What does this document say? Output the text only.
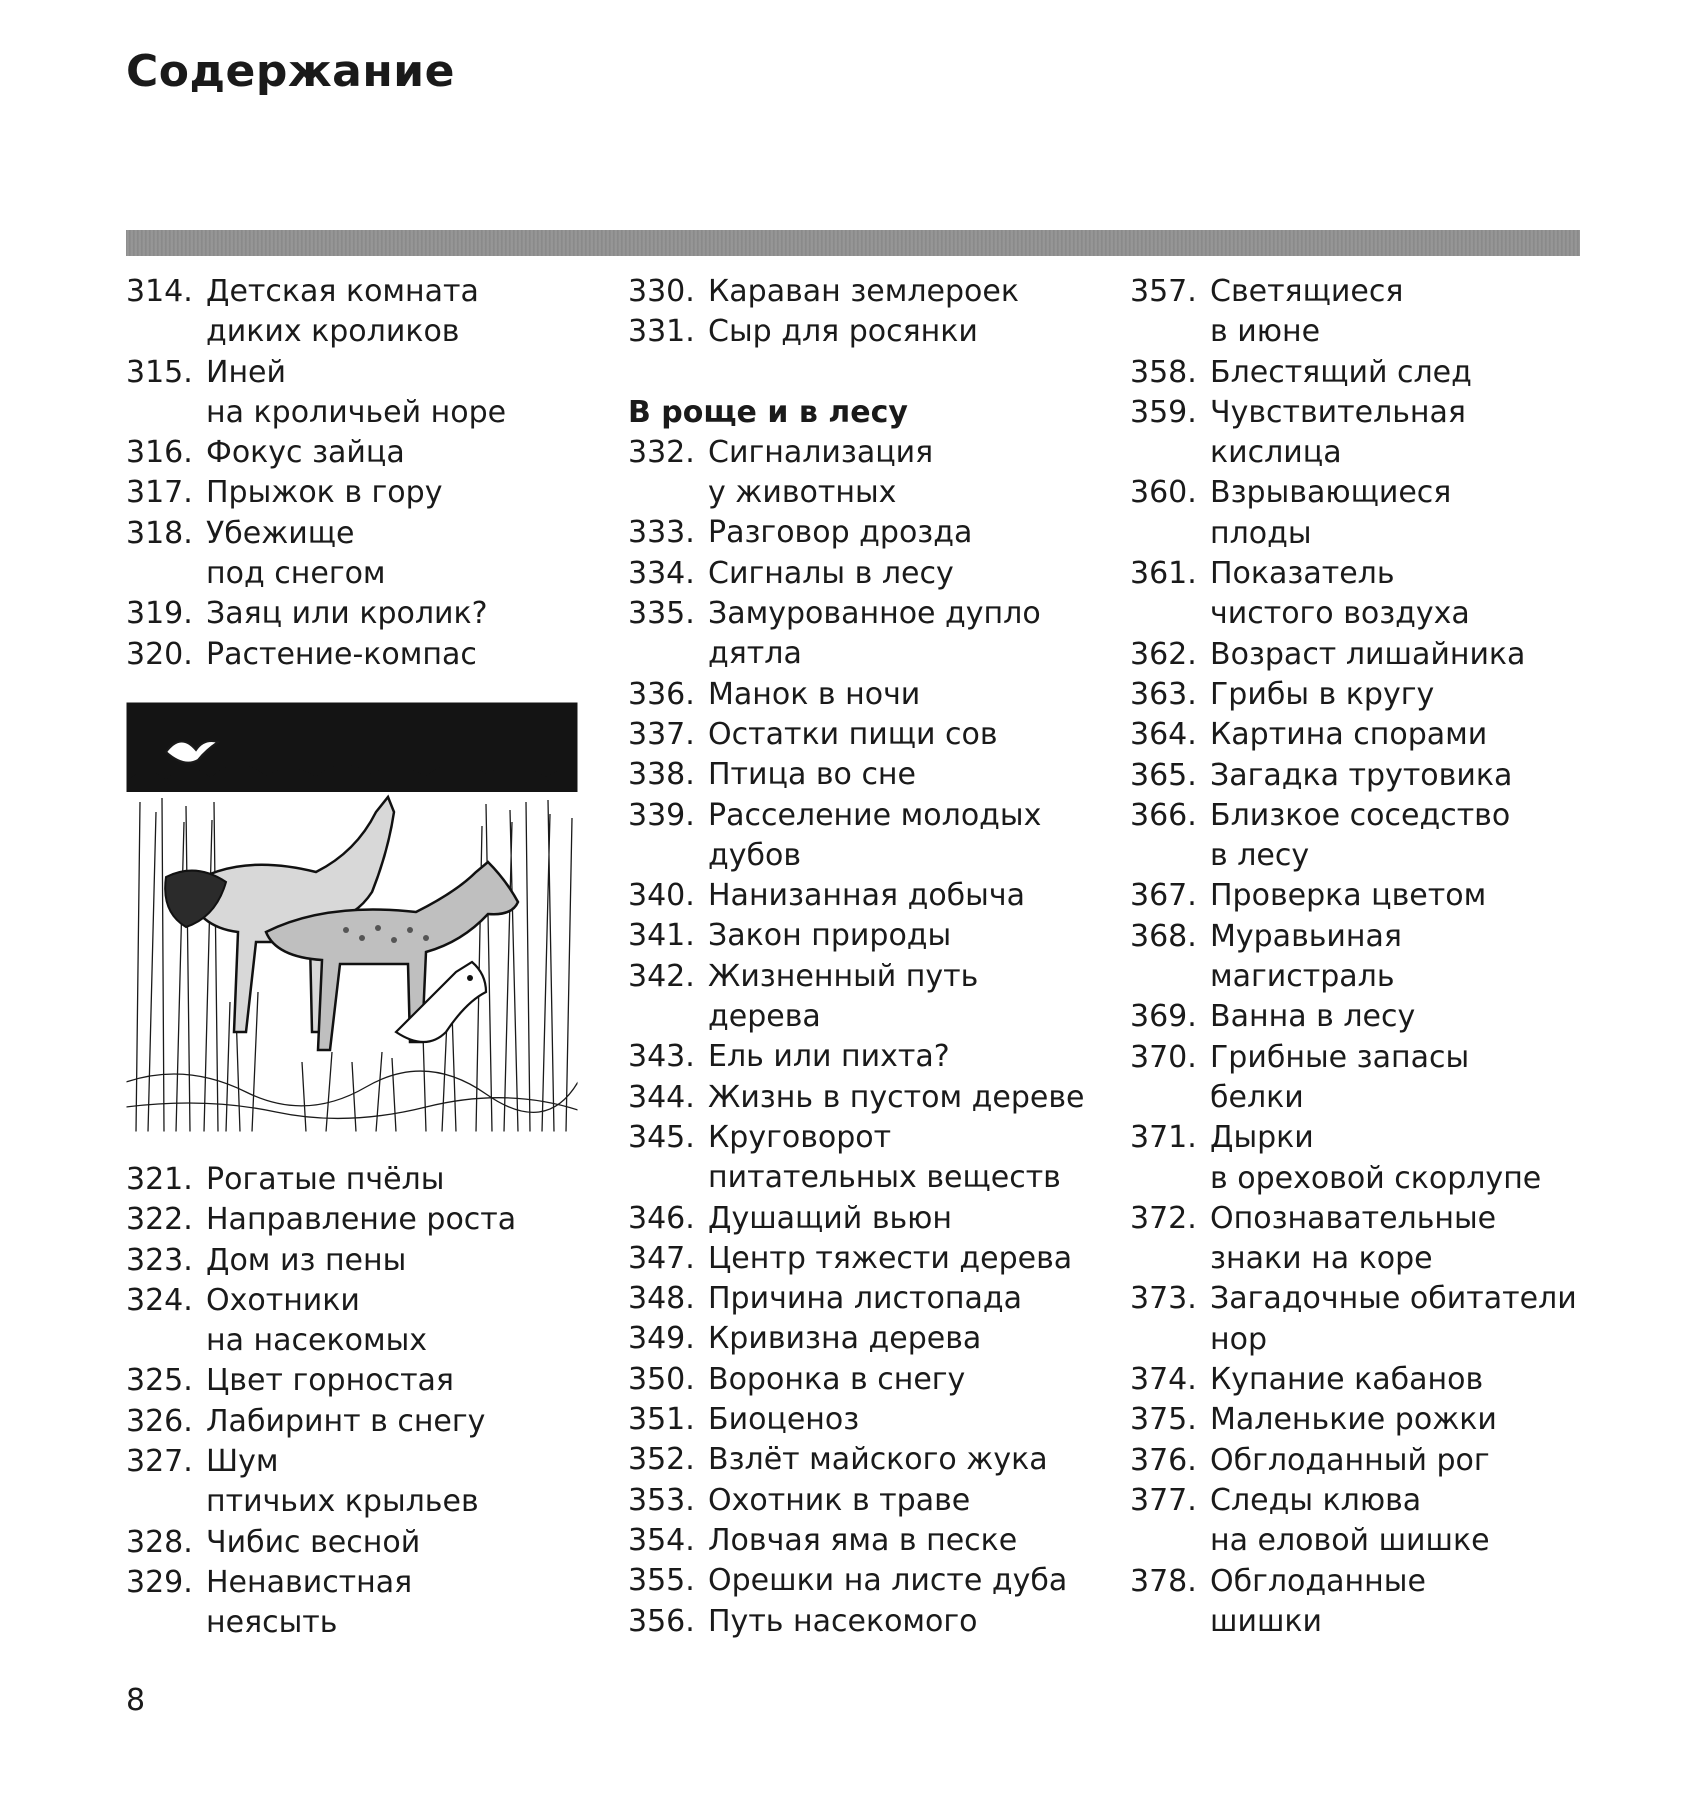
Содержание
314. Детская комната
диких кроликов
315. Иней
на кроличьей норе
316. Фокус зайца
317. Прыжок в гору
318. Убежище
под снегом
319. Заяц или кролик?
320. Растение-компас
321. Рогатые пчёлы
322. Направление роста
323. Дом из пены
324. Охотники
на насекомых
325. Цвет горностая
326. Лабиринт в снегу
327. Шум
птичьих крыльев
328. Чибис весной
329. Ненавистная
неясыть
330. Караван землероек
331. Сыр для росянки
В роще и в лесу
332. Сигнализация
у животных
333. Разговор дрозда
334. Сигналы в лесу
335. Замурованное дупло
дятла
336. Манок в ночи
337. Остатки пищи сов
338. Птица во сне
339. Расселение молодых
дубов
340. Нанизанная добыча
341. Закон природы
342. Жизненный путь
дерева
343. Ель или пихта?
344. Жизнь в пустом дереве
345. Круговорот
питательных веществ
346. Душащий вьюн
347. Центр тяжести дерева
348. Причина листопада
349. Кривизна дерева
350. Воронка в снегу
351. Биоценоз
352. Взлёт майского жука
353. Охотник в траве
354. Ловчая яма в песке
355. Орешки на листе дуба
356. Путь насекомого
357. Светящиеся
в июне
358. Блестящий след
359. Чувствительная
кислица
360. Взрывающиеся
плоды
361. Показатель
чистого воздуха
362. Возраст лишайника
363. Грибы в кругу
364. Картина спорами
365. Загадка трутовика
366. Близкое соседство
в лесу
367. Проверка цветом
368. Муравьиная
магистраль
369. Ванна в лесу
370. Грибные запасы
белки
371. Дырки
в ореховой скорлупе
372. Опознавательные
знаки на коре
373. Загадочные обитатели
нор
374. Купание кабанов
375. Маленькие рожки
376. Обглоданный рог
377. Следы клюва
на еловой шишке
378. Обглоданные
шишки
8
